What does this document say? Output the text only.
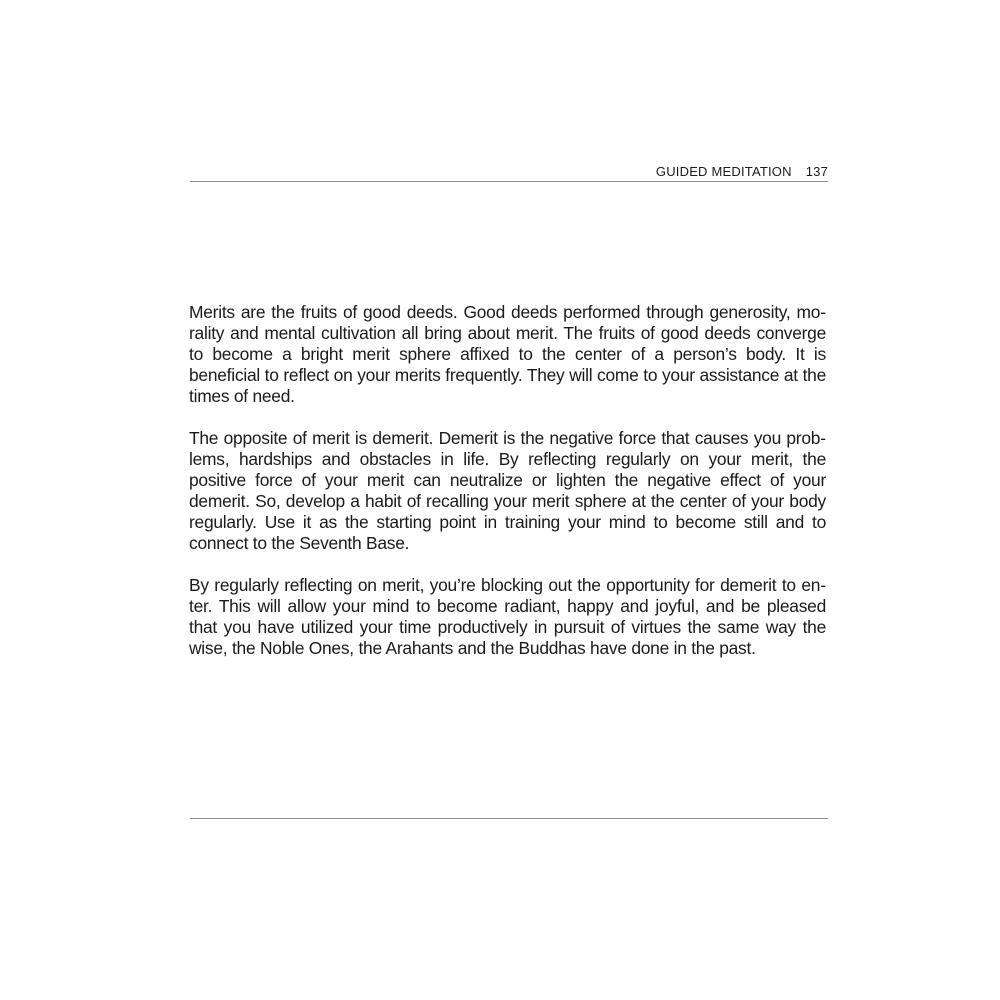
GUIDED MEDITATION 137

Merits are the fruits of good deeds. Good deeds performed through generosity, morality and mental cultivation all bring about merit. The fruits of good deeds converge to become a bright merit sphere affixed to the center of a person’s body. It is beneficial to reflect on your merits frequently. They will come to your assistance at the times of need.

The opposite of merit is demerit. Demerit is the negative force that causes you problems, hardships and obstacles in life. By reflecting regularly on your merit, the positive force of your merit can neutralize or lighten the negative effect of your demerit. So, develop a habit of recalling your merit sphere at the center of your body regularly. Use it as the starting point in training your mind to become still and to connect to the Seventh Base.

By regularly reflecting on merit, you’re blocking out the opportunity for demerit to enter. This will allow your mind to become radiant, happy and joyful, and be pleased that you have utilized your time productively in pursuit of virtues the same way the wise, the Noble Ones, the Arahants and the Buddhas have done in the past.
